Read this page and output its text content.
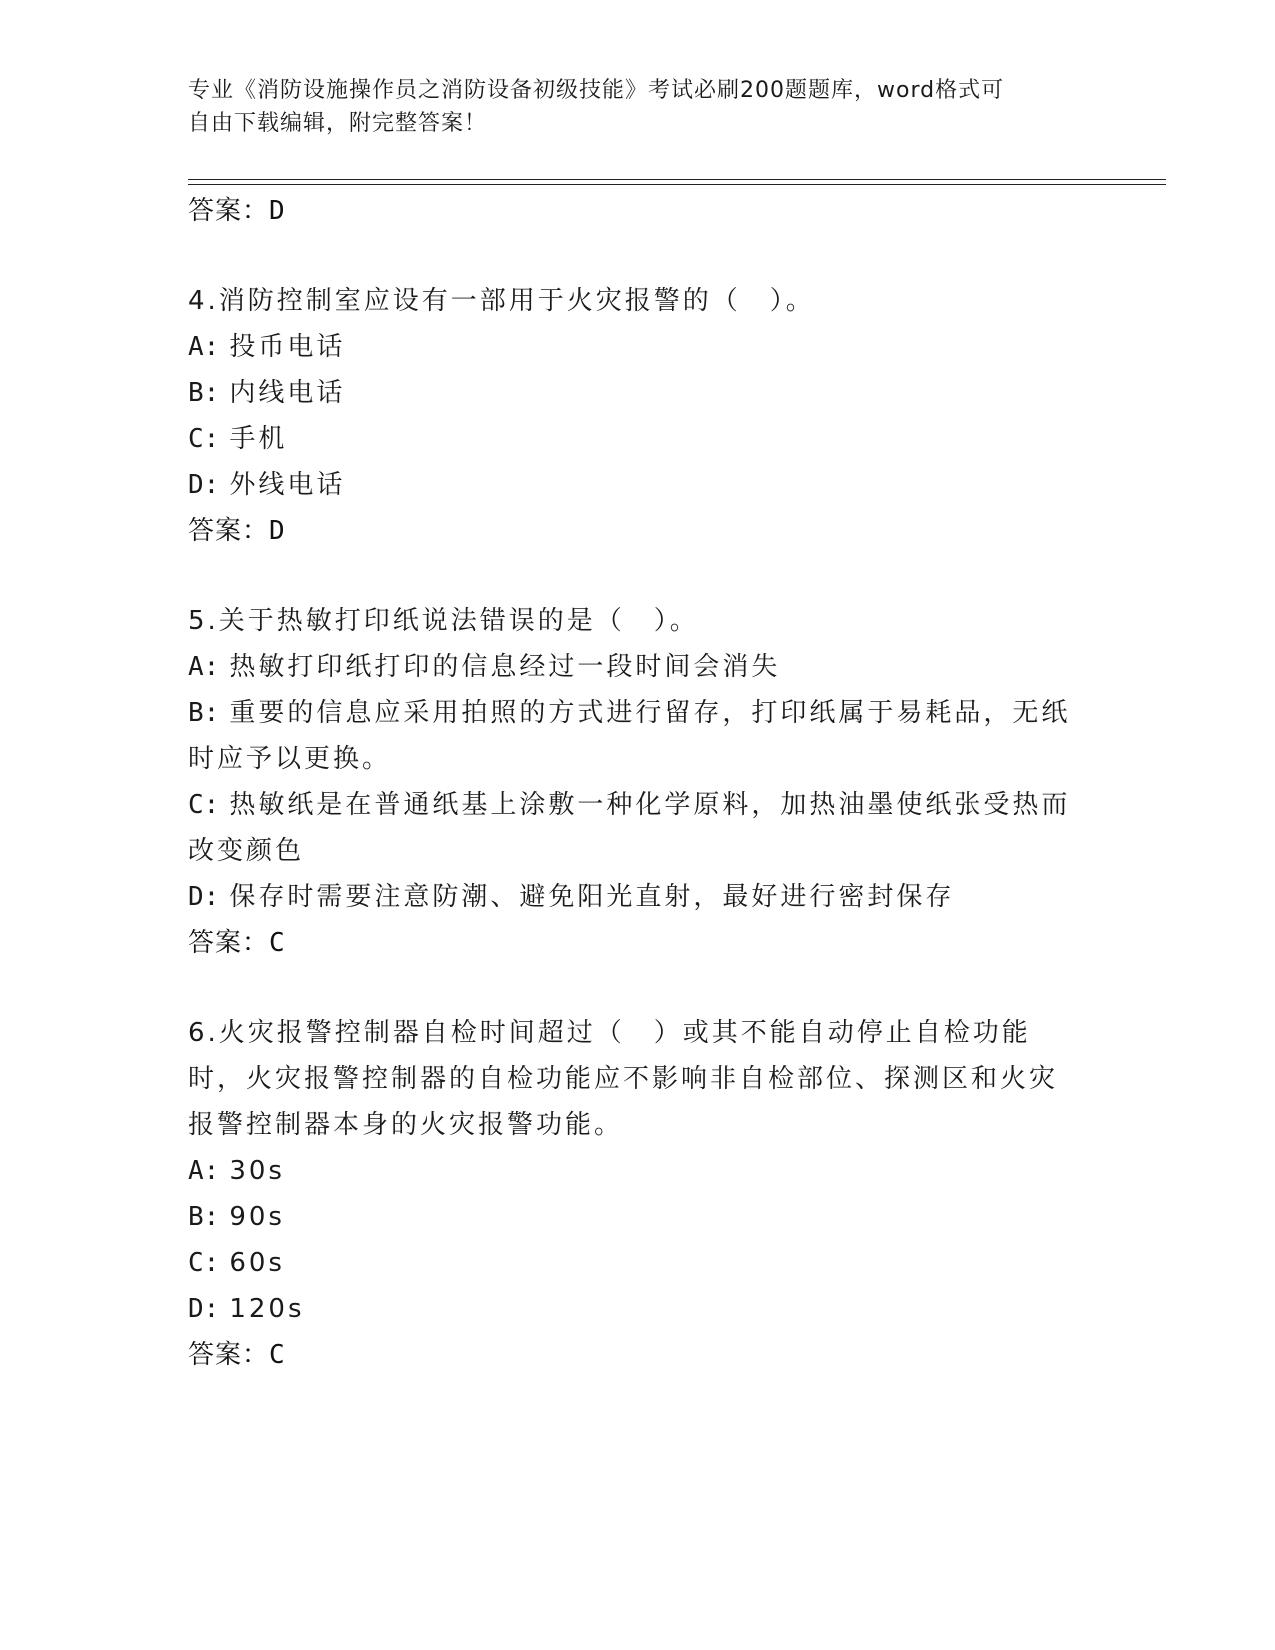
专业《消防设施操作员之消防设备初级技能》考试必刷200题题库，word格式可
自由下载编辑，附完整答案！
答案：D
4.消防控制室应设有一部用于火灾报警的（　）。
A: 投币电话
B: 内线电话
C: 手机
D: 外线电话
答案：D
5.关于热敏打印纸说法错误的是（　）。
A: 热敏打印纸打印的信息经过一段时间会消失
B: 重要的信息应采用拍照的方式进行留存，打印纸属于易耗品，无纸时应予以更换。
C: 热敏纸是在普通纸基上涂敷一种化学原料，加热油墨使纸张受热而改变颜色
D: 保存时需要注意防潮、避免阳光直射，最好进行密封保存
答案：C
6.火灾报警控制器自检时间超过（　）或其不能自动停止自检功能时，火灾报警控制器的自检功能应不影响非自检部位、探测区和火灾报警控制器本身的火灾报警功能。
A: 30s
B: 90s
C: 60s
D: 120s
答案：C
